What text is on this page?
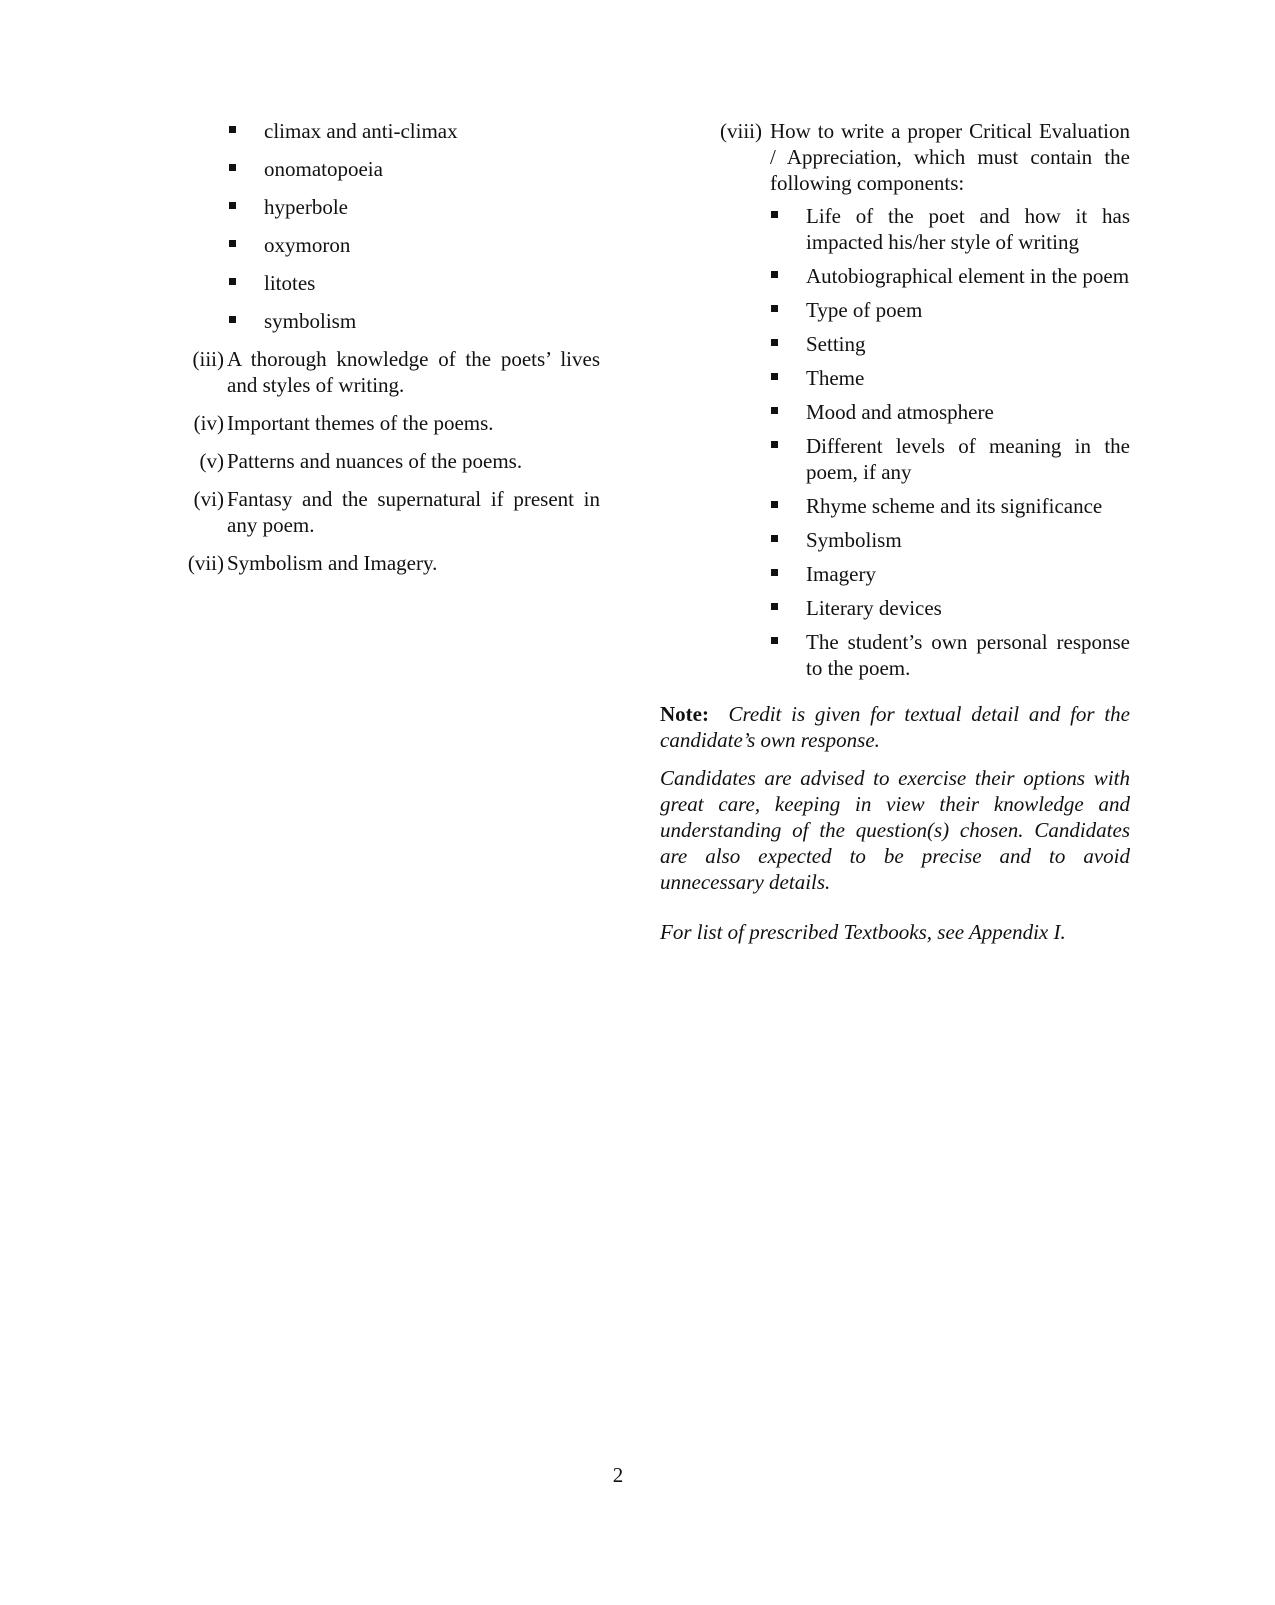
climax and anti-climax
onomatopoeia
hyperbole
oxymoron
litotes
symbolism
(iii) A thorough knowledge of the poets’ lives and styles of writing.
(iv) Important themes of the poems.
(v) Patterns and nuances of the poems.
(vi) Fantasy and the supernatural if present in any poem.
(vii) Symbolism and Imagery.
(viii) How to write a proper Critical Evaluation / Appreciation, which must contain the following components:
Life of the poet and how it has impacted his/her style of writing
Autobiographical element in the poem
Type of poem
Setting
Theme
Mood and atmosphere
Different levels of meaning in the poem, if any
Rhyme scheme and its significance
Symbolism
Imagery
Literary devices
The student’s own personal response to the poem.

Note: Credit is given for textual detail and for the candidate’s own response.

Candidates are advised to exercise their options with great care, keeping in view their knowledge and understanding of the question(s) chosen. Candidates are also expected to be precise and to avoid unnecessary details.

For list of prescribed Textbooks, see Appendix I.

2
